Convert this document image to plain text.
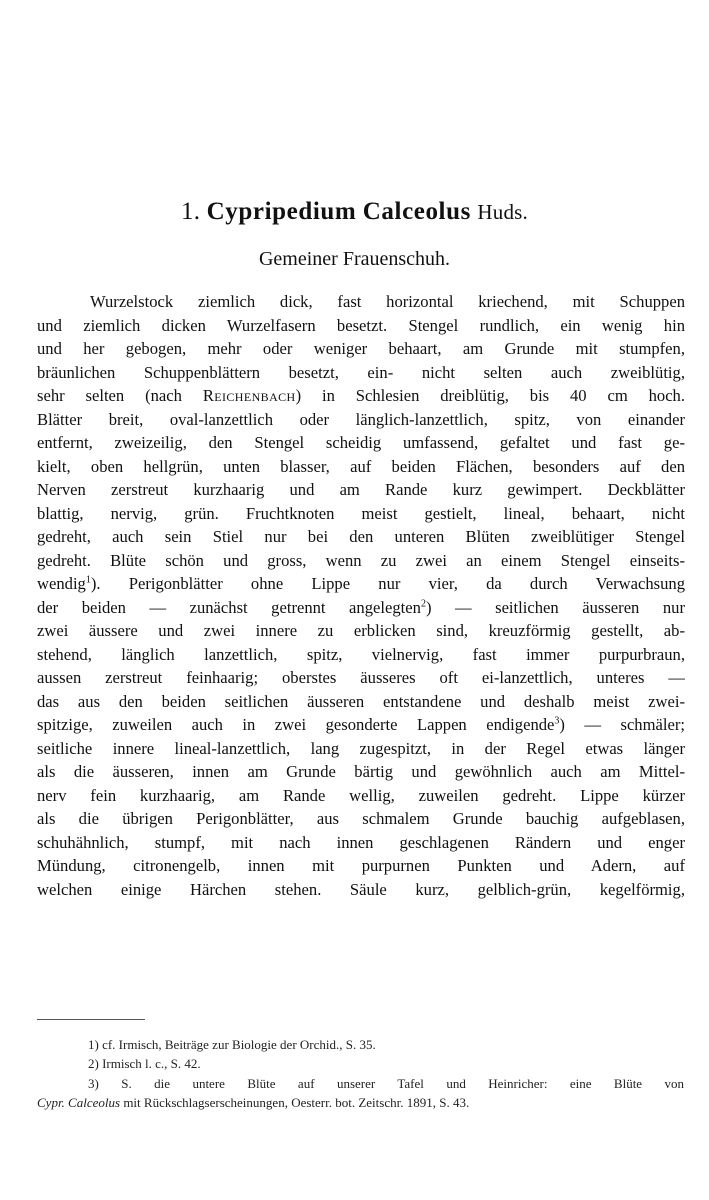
1. Cypripedium Calceolus Huds.
Gemeiner Frauenschuh.
Wurzelstock ziemlich dick, fast horizontal kriechend, mit Schuppen
und ziemlich dicken Wurzelfasern besetzt. Stengel rundlich, ein wenig hin
und her gebogen, mehr oder weniger behaart, am Grunde mit stumpfen,
bräunlichen Schuppenblättern besetzt, ein- nicht selten auch zweiblütig,
sehr selten (nach Reichenbach) in Schlesien dreiblütig, bis 40 cm hoch.
Blätter breit, oval-lanzettlich oder länglich-lanzettlich, spitz, von einander
entfernt, zweizeilig, den Stengel scheidig umfassend, gefaltet und fast ge-
kielt, oben hellgrün, unten blasser, auf beiden Flächen, besonders auf den
Nerven zerstreut kurzhaarig und am Rande kurz gewimpert. Deckblätter
blattig, nervig, grün. Fruchtknoten meist gestielt, lineal, behaart, nicht
gedreht, auch sein Stiel nur bei den unteren Blüten zweiblütiger Stengel
gedreht. Blüte schön und gross, wenn zu zwei an einem Stengel einseits-
wendig$^1$). Perigonblätter ohne Lippe nur vier, da durch Verwachsung
der beiden — zunächst getrennt angelegten$^2$) — seitlichen äusseren nur
zwei äussere und zwei innere zu erblicken sind, kreuzförmig gestellt, ab-
stehend, länglich lanzettlich, spitz, vielnervig, fast immer purpurbraun,
aussen zerstreut feinhaarig; oberstes äusseres oft ei-lanzettlich, unteres —
das aus den beiden seitlichen äusseren entstandene und deshalb meist zwei-
spitzige, zuweilen auch in zwei gesonderte Lappen endigende$^3$) — schmäler;
seitliche innere lineal-lanzettlich, lang zugespitzt, in der Regel etwas länger
als die äusseren, innen am Grunde bärtig und gewöhnlich auch am Mittel-
nerv fein kurzhaarig, am Rande wellig, zuweilen gedreht. Lippe kürzer
als die übrigen Perigonblätter, aus schmalem Grunde bauchig aufgeblasen,
schuhähnlich, stumpf, mit nach innen geschlagenen Rändern und enger
Mündung, citronengelb, innen mit purpurnen Punkten und Adern, auf
welchen einige Härchen stehen. Säule kurz, gelblich-grün, kegelförmig,
1) cf. Irmisch, Beiträge zur Biologie der Orchid., S. 35.
2) Irmisch l. c., S. 42.
3) S. die untere Blüte auf unserer Tafel und Heinricher: eine Blüte von
Cypr. Calceolus mit Rückschlagserscheinungen, Oesterr. bot. Zeitschr. 1891, S. 43.
